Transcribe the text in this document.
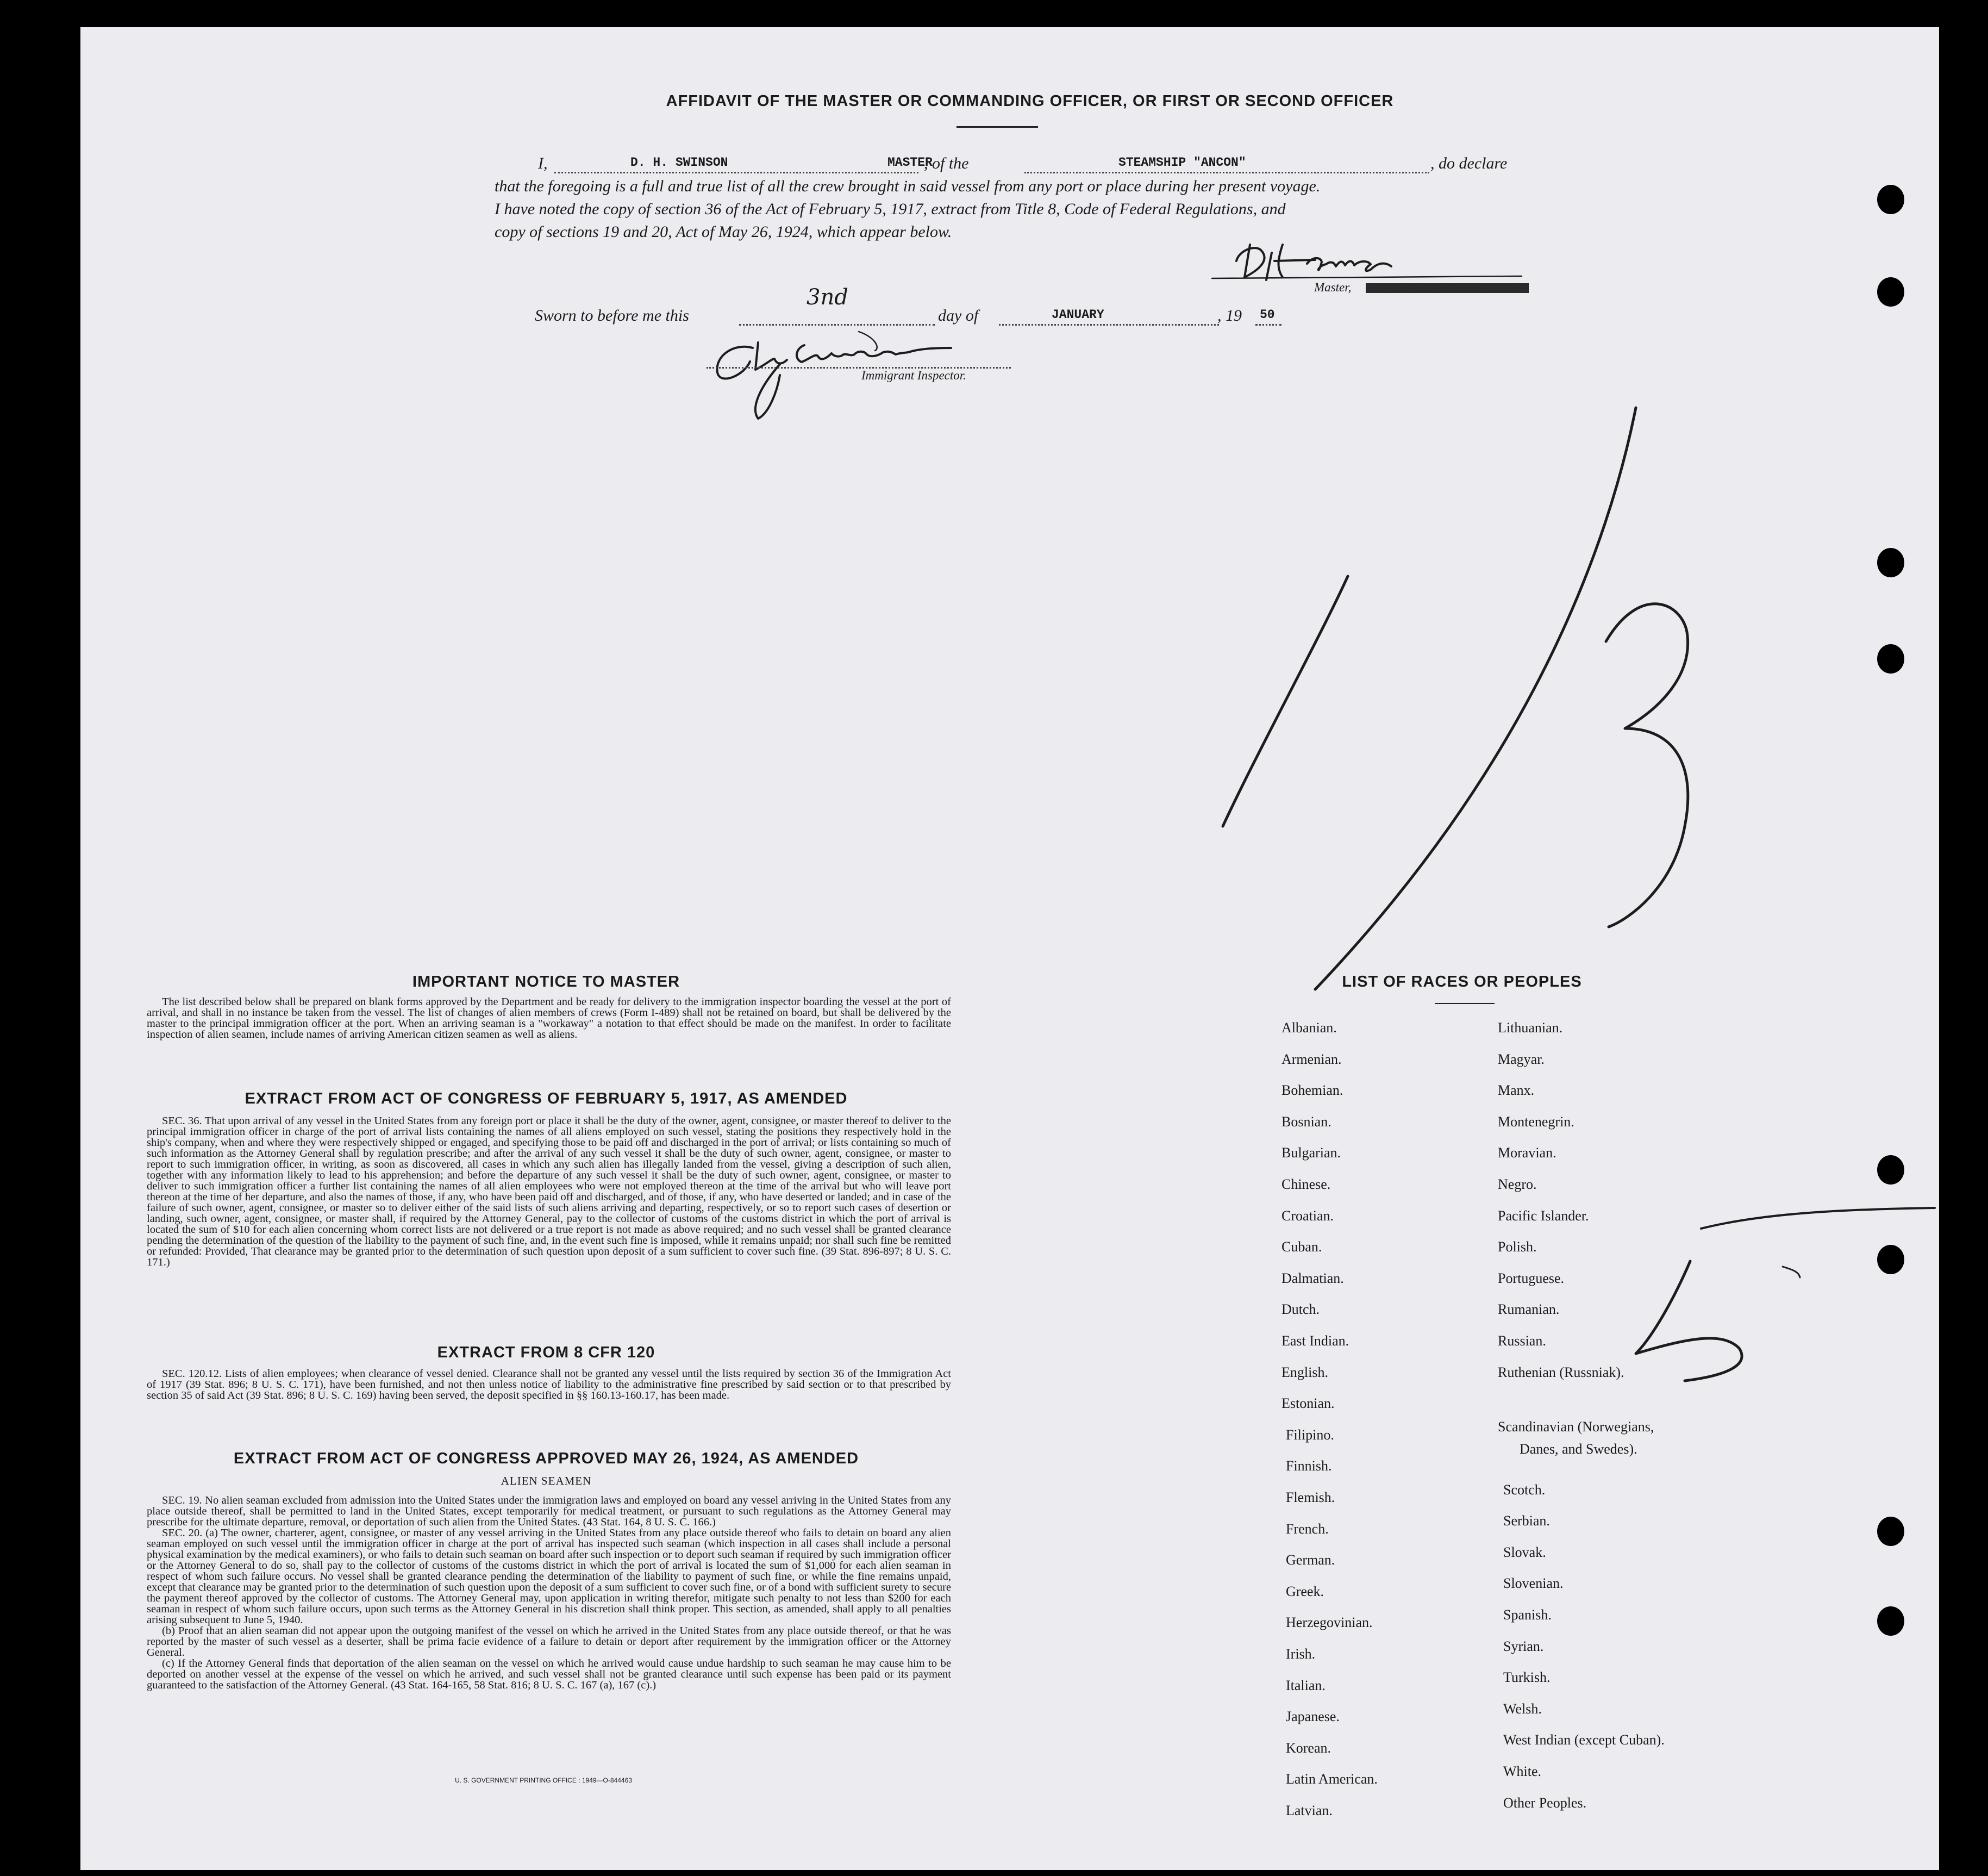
AFFIDAVIT OF THE MASTER OR COMMANDING OFFICER, OR FIRST OR SECOND OFFICER
I,	D. H. SWINSON	MASTER
, of the	STEAMSHIP "ANCON"	, do declare
that the foregoing is a full and true list of all the crew brought in said vessel from any port or place during her present voyage.
I have noted the copy of section 36 of the Act of February 5, 1917, extract from Title 8, Code of Federal Regulations, and
copy of sections 19 and 20, Act of May 26, 1924, which appear below.
Master, Commanding Officer, or First or Second Officer
Sworn to before me this
3nd
day of	JANUARY	, 19 50
Immigrant Inspector.
IMPORTANT NOTICE TO MASTER

The list described below shall be prepared on blank forms approved by the Department and be ready for delivery to the immigration inspector boarding the vessel at the port of arrival, and shall in no instance be taken from the vessel. The list of changes of alien members of crews (Form I-489) shall not be retained on board, but shall be delivered by the master to the principal immigration officer at the port. When an arriving seaman is a "workaway" a notation to that effect should be made on the manifest. In order to facilitate inspection of alien seamen, include names of arriving American citizen seamen as well as aliens.

EXTRACT FROM ACT OF CONGRESS OF FEBRUARY 5, 1917, AS AMENDED

SEC. 36. That upon arrival of any vessel in the United States from any foreign port or place it shall be the duty of the owner, agent, consignee, or master thereof to deliver to the principal immigration officer in charge of the port of arrival lists containing the names of all aliens employed on such vessel, stating the positions they respectively hold in the ship's company, when and where they were respectively shipped or engaged, and specifying those to be paid off and discharged in the port of arrival; or lists containing so much of such information as the Attorney General shall by regulation prescribe; and after the arrival of any such vessel it shall be the duty of such owner, agent, consignee, or master to report to such immigration officer, in writing, as soon as discovered, all cases in which any such alien has illegally landed from the vessel, giving a description of such alien, together with any information likely to lead to his apprehension; and before the departure of any such vessel it shall be the duty of such owner, agent, consignee, or master to deliver to such immigration officer a further list containing the names of all alien employees who were not employed thereon at the time of the arrival but who will leave port thereon at the time of her departure, and also the names of those, if any, who have been paid off and discharged, and of those, if any, who have deserted or landed; and in case of the failure of such owner, agent, consignee, or master so to deliver either of the said lists of such aliens arriving and departing, respectively, or so to report such cases of desertion or landing, such owner, agent, consignee, or master shall, if required by the Attorney General, pay to the collector of customs of the customs district in which the port of arrival is located the sum of $10 for each alien concerning whom correct lists are not delivered or a true report is not made as above required; and no such vessel shall be granted clearance pending the determination of the question of the liability to the payment of such fine, and, in the event such fine is imposed, while it remains unpaid; nor shall such fine be remitted or refunded: Provided, That clearance may be granted prior to the determination of such question upon deposit of a sum sufficient to cover such fine. (39 Stat. 896-897; 8 U. S. C. 171.)

EXTRACT FROM 8 CFR 120

SEC. 120.12. Lists of alien employees; when clearance of vessel denied. Clearance shall not be granted any vessel until the lists required by section 36 of the Immigration Act of 1917 (39 Stat. 896; 8 U. S. C. 171), have been furnished, and not then unless notice of liability to the administrative fine prescribed by said section or to that prescribed by section 35 of said Act (39 Stat. 896; 8 U. S. C. 169) having been served, the deposit specified in §§ 160.13-160.17, has been made.

EXTRACT FROM ACT OF CONGRESS APPROVED MAY 26, 1924, AS AMENDED
ALIEN SEAMEN

SEC. 19. No alien seaman excluded from admission into the United States under the immigration laws and employed on board any vessel arriving in the United States from any place outside thereof, shall be permitted to land in the United States, except temporarily for medical treatment, or pursuant to such regulations as the Attorney General may prescribe for the ultimate departure, removal, or deportation of such alien from the United States. (43 Stat. 164, 8 U. S. C. 166.)

SEC. 20. (a) The owner, charterer, agent, consignee, or master of any vessel arriving in the United States from any place outside thereof who fails to detain on board any alien seaman employed on such vessel until the immigration officer in charge at the port of arrival has inspected such seaman (which inspection in all cases shall include a personal physical examination by the medical examiners), or who fails to detain such seaman on board after such inspection or to deport such seaman if required by such immigration officer or the Attorney General to do so, shall pay to the collector of customs of the customs district in which the port of arrival is located the sum of $1,000 for each alien seaman in respect of whom such failure occurs. No vessel shall be granted clearance pending the determination of the liability to payment of such fine, or while the fine remains unpaid, except that clearance may be granted prior to the determination of such question upon the deposit of a sum sufficient to cover such fine, or of a bond with sufficient surety to secure the payment thereof approved by the collector of customs. The Attorney General may, upon application in writing therefor, mitigate such penalty to not less than $200 for each seaman in respect of whom such failure occurs, upon such terms as the Attorney General in his discretion shall think proper. This section, as amended, shall apply to all penalties arising subsequent to June 5, 1940.

(b) Proof that an alien seaman did not appear upon the outgoing manifest of the vessel on which he arrived in the United States from any place outside thereof, or that he was reported by the master of such vessel as a deserter, shall be prima facie evidence of a failure to detain or deport after requirement by the immigration officer or the Attorney General.

(c) If the Attorney General finds that deportation of the alien seaman on the vessel on which he arrived would cause undue hardship to such seaman he may cause him to be deported on another vessel at the expense of the vessel on which he arrived, and such vessel shall not be granted clearance until such expense has been paid or its payment guaranteed to the satisfaction of the Attorney General. (43 Stat. 164-165, 58 Stat. 816; 8 U. S. C. 167 (a), 167 (c).)

U. S. GOVERNMENT PRINTING OFFICE : 1949—O-844463
LIST OF RACES OR PEOPLES
Albanian.
Armenian.
Bohemian.
Bosnian.
Bulgarian.
Chinese.
Croatian.
Cuban.
Dalmatian.
Dutch.
East Indian.
English.
Estonian.
Filipino.
Finnish.
Flemish.
French.
German.
Greek.
Herzegovinian.
Irish.
Italian.
Japanese.
Korean.
Latin American.
Latvian.
Lithuanian.
Magyar.
Manx.
Montenegrin.
Moravian.
Negro.
Pacific Islander.
Polish.
Portuguese.
Rumanian.
Russian.
Ruthenian (Russniak).
Scandinavian (Norwegians,
Danes, and Swedes).
Scotch.
Serbian.
Slovak.
Slovenian.
Spanish.
Syrian.
Turkish.
Welsh.
West Indian (except Cuban).
White.
Other Peoples.
